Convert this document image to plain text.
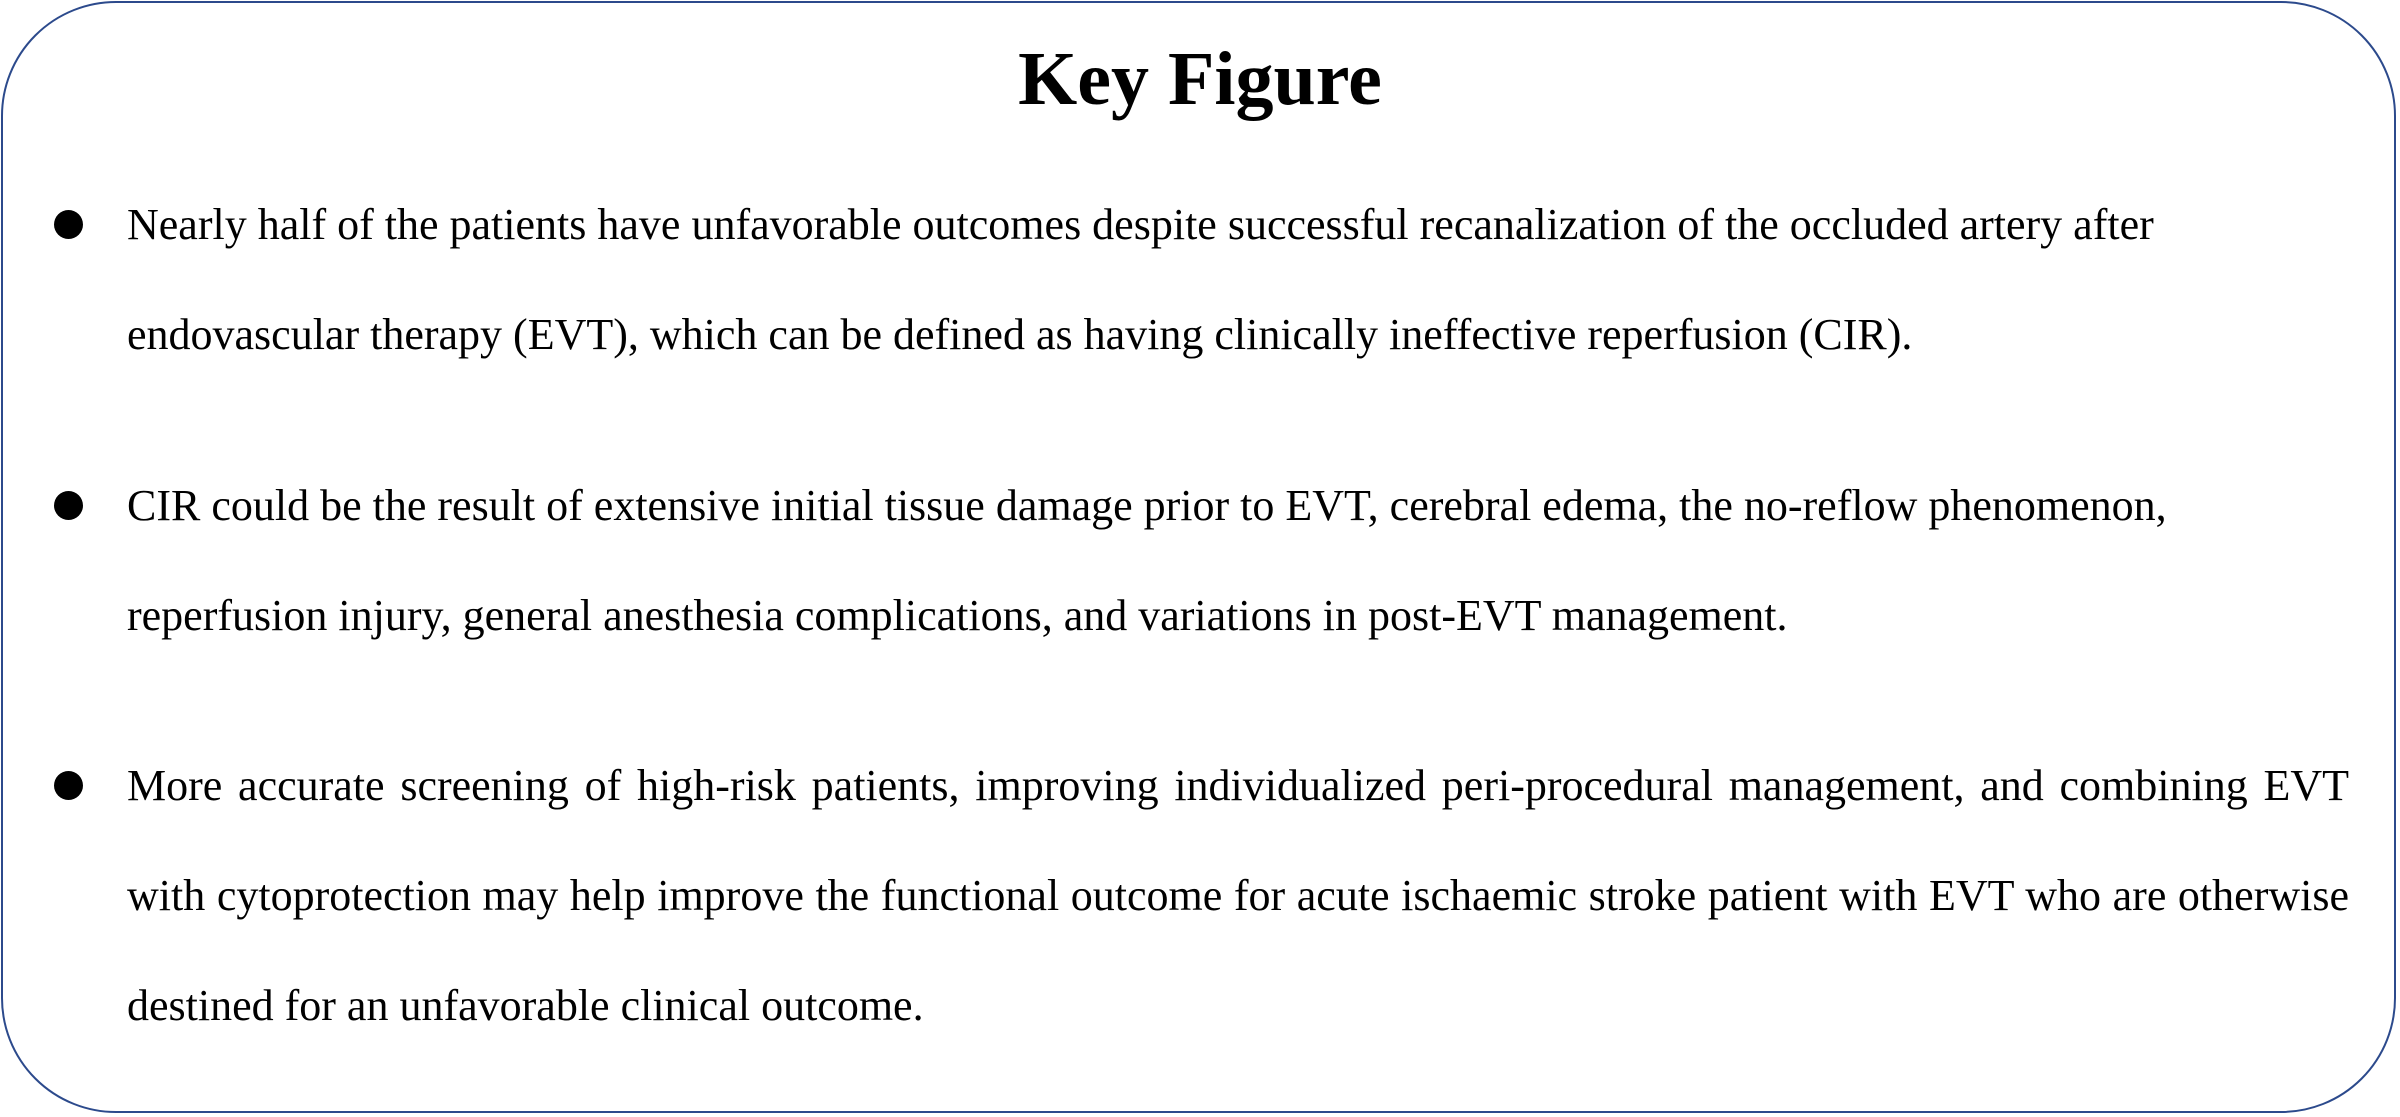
Key Figure

Nearly half of the patients have unfavorable outcomes despite successful recanalization of the occluded artery after endovascular therapy (EVT), which can be defined as having clinically ineffective reperfusion (CIR).

CIR could be the result of extensive initial tissue damage prior to EVT, cerebral edema, the no-reflow phenomenon, reperfusion injury, general anesthesia complications, and variations in post-EVT management.

More accurate screening of high-risk patients, improving individualized peri-procedural management, and combining EVT with cytoprotection may help improve the functional outcome for acute ischaemic stroke patient with EVT who are otherwise destined for an unfavorable clinical outcome.
